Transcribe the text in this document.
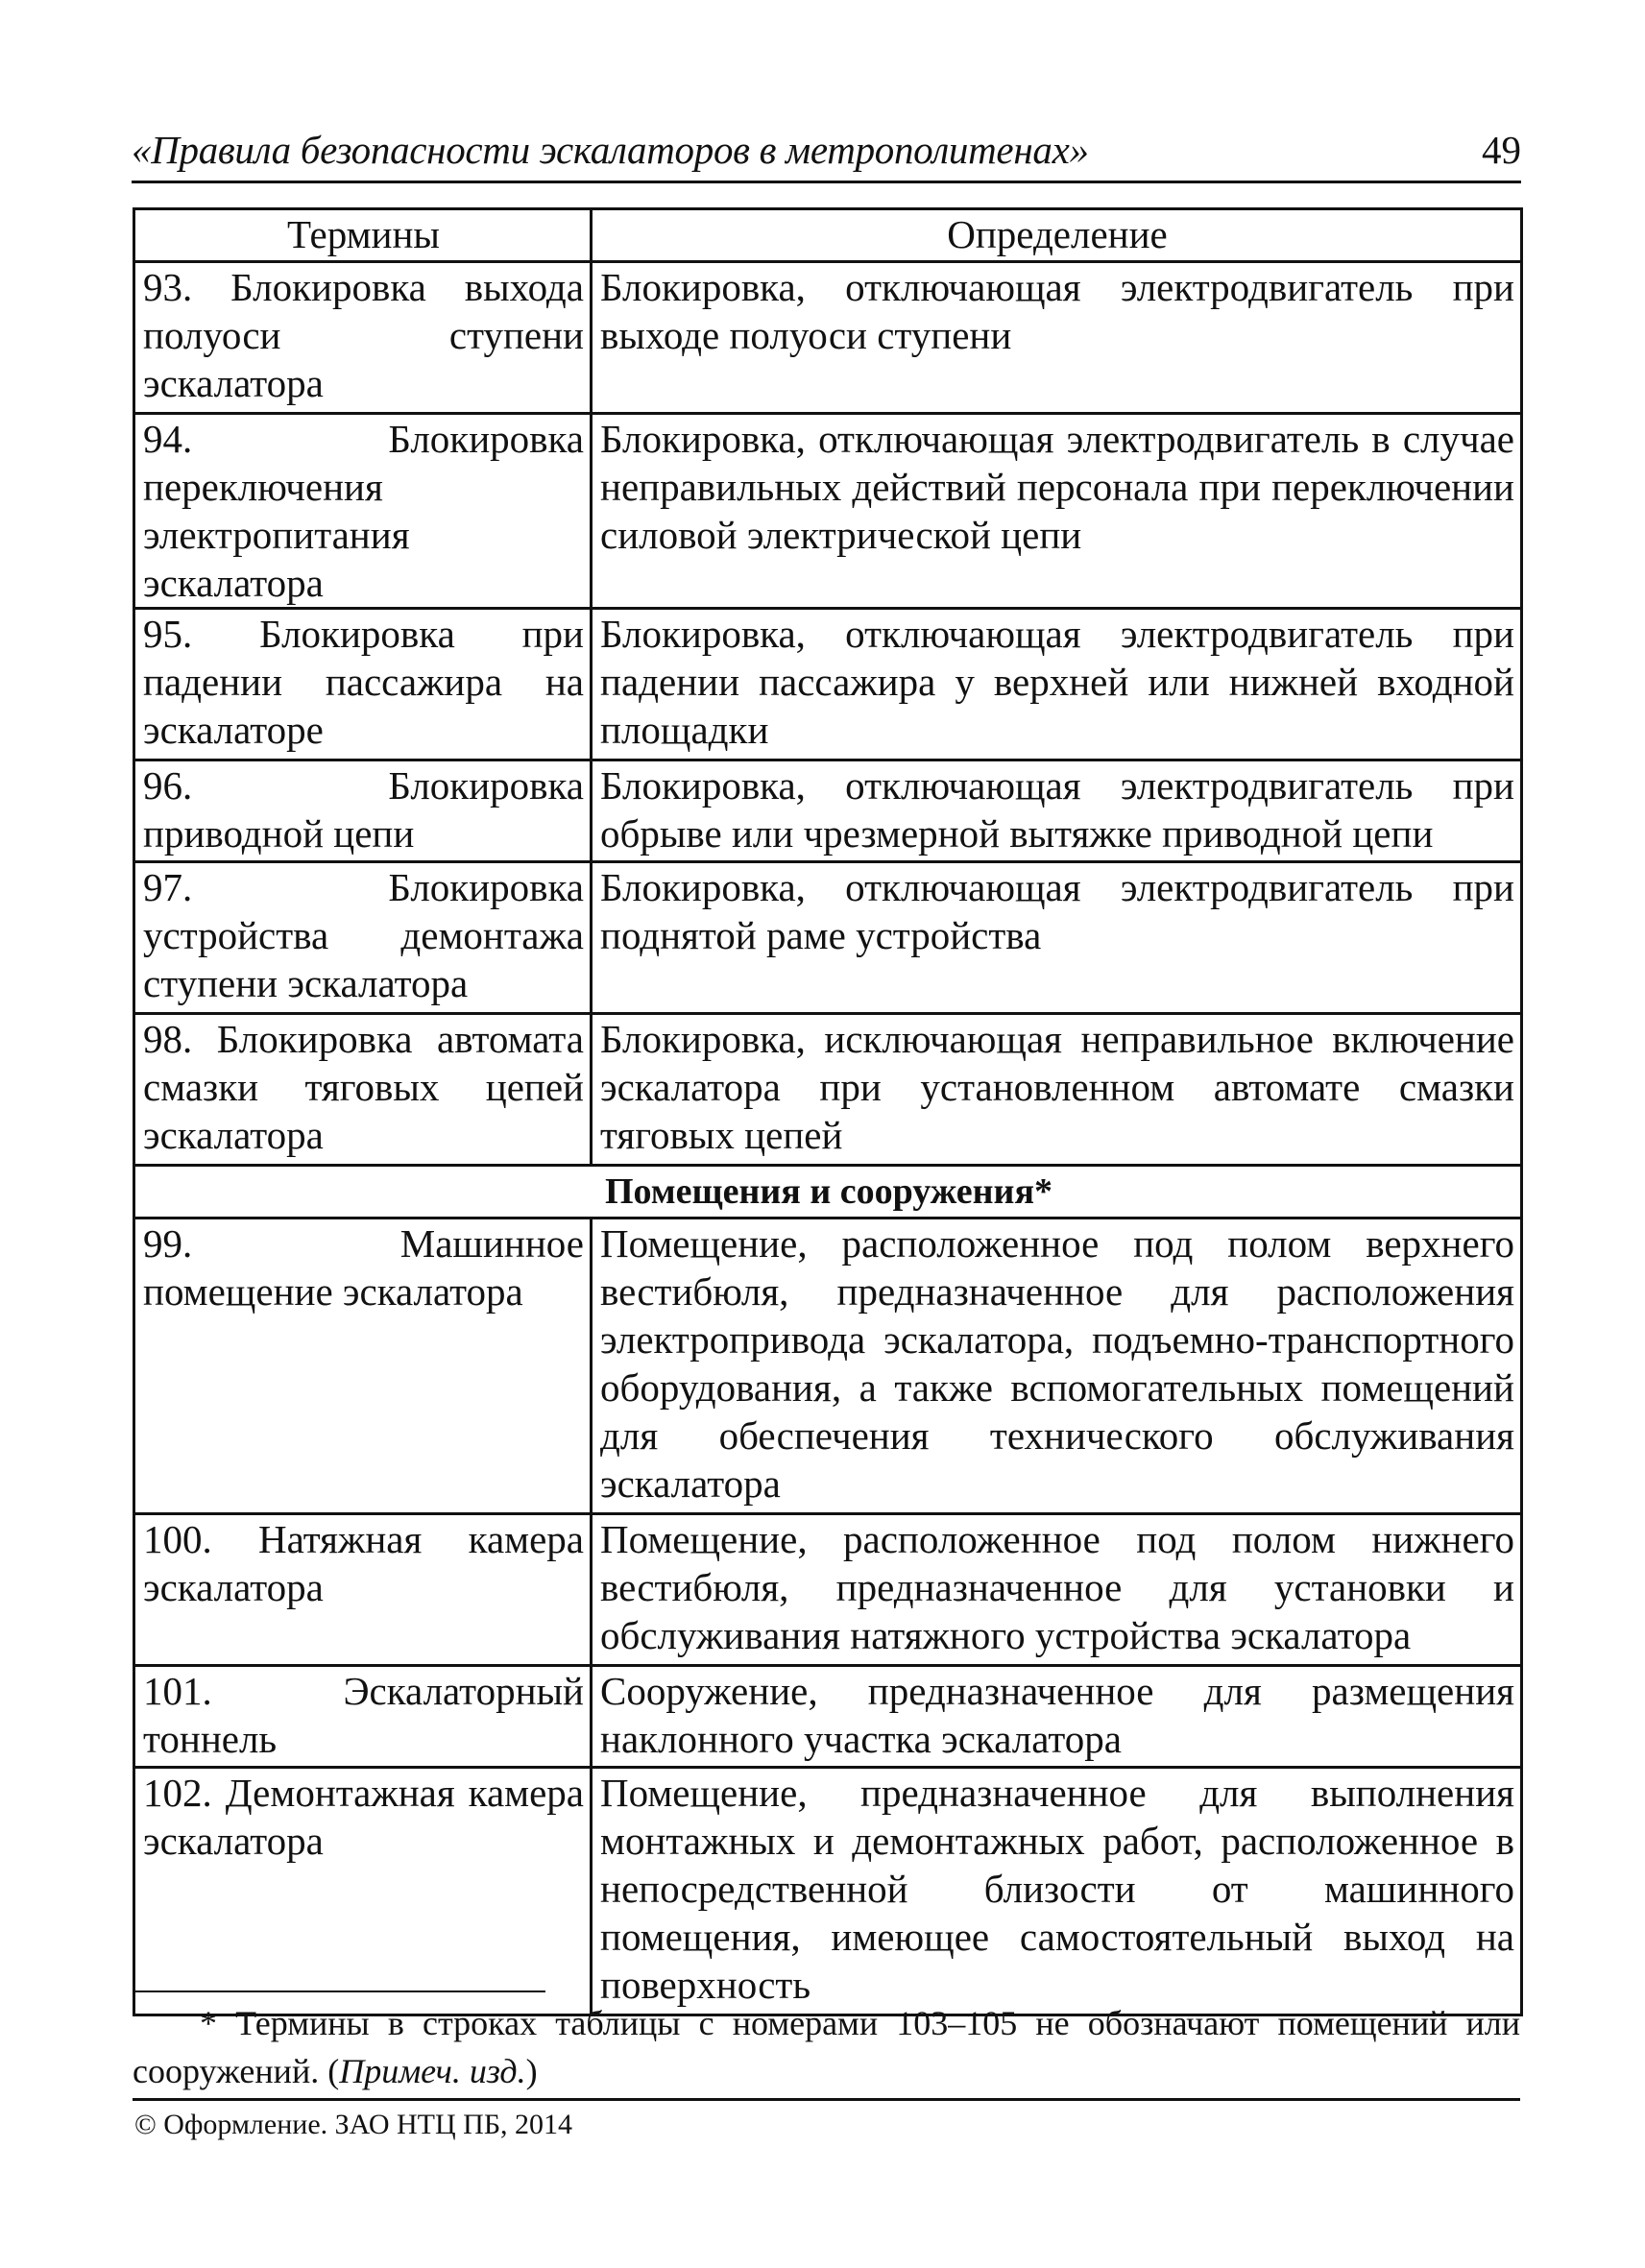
«Правила безопасности эскалаторов в метрополитенах»	49
Термины	Определение
93. Блокировка выхода полуоси ступени эскалатора	Блокировка, отключающая электродвигатель при выходе полуоси ступени
94. Блокировка переключения электропитания эскалатора	Блокировка, отключающая электродвигатель в случае неправильных действий персонала при переключении силовой электрической цепи
95. Блокировка при падении пассажира на эскалаторе	Блокировка, отключающая электродвигатель при падении пассажира у верхней или нижней входной площадки
96. Блокировка приводной цепи	Блокировка, отключающая электродвигатель при обрыве или чрезмерной вытяжке приводной цепи
97. Блокировка устройства демонтажа ступени эскалатора	Блокировка, отключающая электродвигатель при поднятой раме устройства
98. Блокировка автомата смазки тяговых цепей эскалатора	Блокировка, исключающая неправильное включение эскалатора при установленном автомате смазки тяговых цепей
Помещения и сооружения*	
99. Машинное помещение эскалатора	Помещение, расположенное под полом верхнего вестибюля, предназначенное для расположения электропривода эскалатора, подъемно-транспортного оборудования, а также вспомогательных помещений для обеспечения технического обслуживания эскалатора
100. Натяжная камера эскалатора	Помещение, расположенное под полом нижнего вестибюля, предназначенное для установки и обслуживания натяжного устройства эскалатора
101. Эскалаторный тоннель	Сооружение, предназначенное для размещения наклонного участка эскалатора
102. Демонтажная камера эскалатора	Помещение, предназначенное для выполнения монтажных и демонтажных работ, расположенное в непосредственной близости от машинного помещения, имеющее самостоятельный выход на поверхность
* Термины в строках таблицы с номерами 103–105 не обозначают помещений или сооружений. (Примеч. изд.)
© Оформление. ЗАО НТЦ ПБ, 2014
